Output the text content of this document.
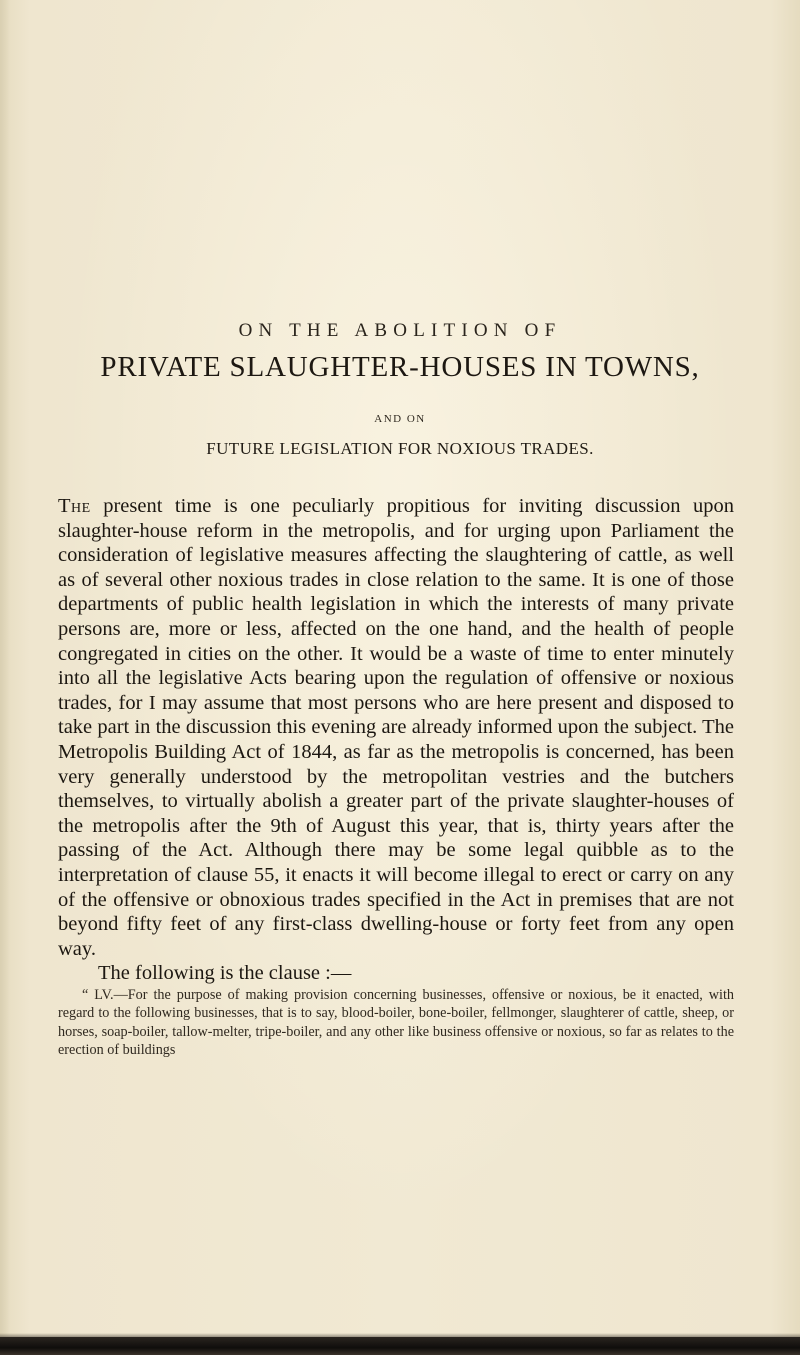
ON THE ABOLITION OF
PRIVATE SLAUGHTER-HOUSES IN TOWNS,
AND ON
FUTURE LEGISLATION FOR NOXIOUS TRADES.

The present time is one peculiarly propitious for inviting discussion upon slaughter-house reform in the metropolis, and for urging upon Parliament the consideration of legislative measures affecting the slaughtering of cattle, as well as of several other noxious trades in close relation to the same. It is one of those departments of public health legislation in which the interests of many private persons are, more or less, affected on the one hand, and the health of people congregated in cities on the other. It would be a waste of time to enter minutely into all the legislative Acts bearing upon the regulation of offensive or noxious trades, for I may assume that most persons who are here present and disposed to take part in the discussion this evening are already informed upon the subject. The Metropolis Building Act of 1844, as far as the metropolis is concerned, has been very generally understood by the metropolitan vestries and the butchers themselves, to virtually abolish a greater part of the private slaughter-houses of the metropolis after the 9th of August this year, that is, thirty years after the passing of the Act. Although there may be some legal quibble as to the interpretation of clause 55, it enacts it will become illegal to erect or carry on any of the offensive or obnoxious trades specified in the Act in premises that are not beyond fifty feet of any first-class dwelling-house or forty feet from any open way.

The following is the clause :—

“ LV.—For the purpose of making provision concerning businesses, offensive or noxious, be it enacted, with regard to the following businesses, that is to say, blood-boiler, bone-boiler, fellmonger, slaughterer of cattle, sheep, or horses, soap-boiler, tallow-melter, tripe-boiler, and any other like business offensive or noxious, so far as relates to the erection of buildings
